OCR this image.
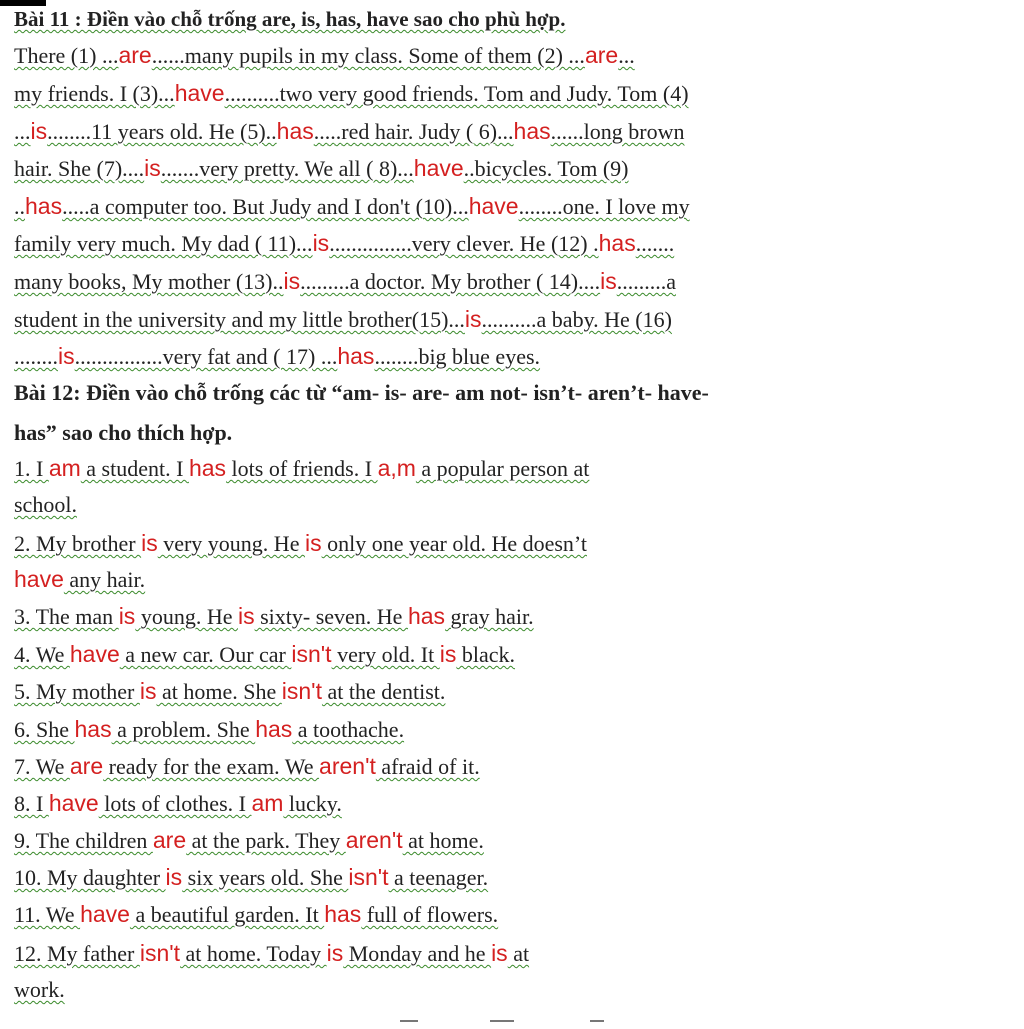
Bài 11 : Điền vào chỗ trống are, is, has, have sao cho phù hợp.
There (1) ...are......many pupils in my class. Some of them (2) ...are...
my friends. I (3)...have..........two very good friends. Tom and Judy. Tom (4)
...is........11 years old. He (5)..has.....red hair. Judy ( 6)...has......long brown
hair. She (7)....is.......very pretty. We all ( 8)...have..bicycles. Tom (9)
..has.....a computer too. But Judy and I don't (10)...have........one. I love my
family very much. My dad ( 11)...is...............very clever. He (12) .has.......
many books, My mother (13)..is.........a doctor. My brother ( 14)....is.........a
student in the university and my little brother(15)...is..........a baby. He (16)
........is................very fat and ( 17) ...has........big blue eyes.
Bài 12: Điền vào chỗ trống các từ “am- is- are- am not- isn’t- aren’t- have-
has” sao cho thích hợp.
1. I am a student. I has lots of friends. I a,m a popular person at
school.
2. My brother is very young. He is only one year old. He doesn’t
have any hair.
3. The man is young. He is sixty- seven. He has gray hair.
4. We have a new car. Our car isn't very old. It is black.
5. My mother is at home. She isn't at the dentist.
6. She has a problem. She has a toothache.
7. We are ready for the exam. We aren't afraid of it.
8. I have lots of clothes. I am lucky.
9. The children are at the park. They aren't at home.
10. My daughter is six years old. She isn't a teenager.
11. We have a beautiful garden. It has full of flowers.
12. My father isn't at home. Today is Monday and he is at
work.
